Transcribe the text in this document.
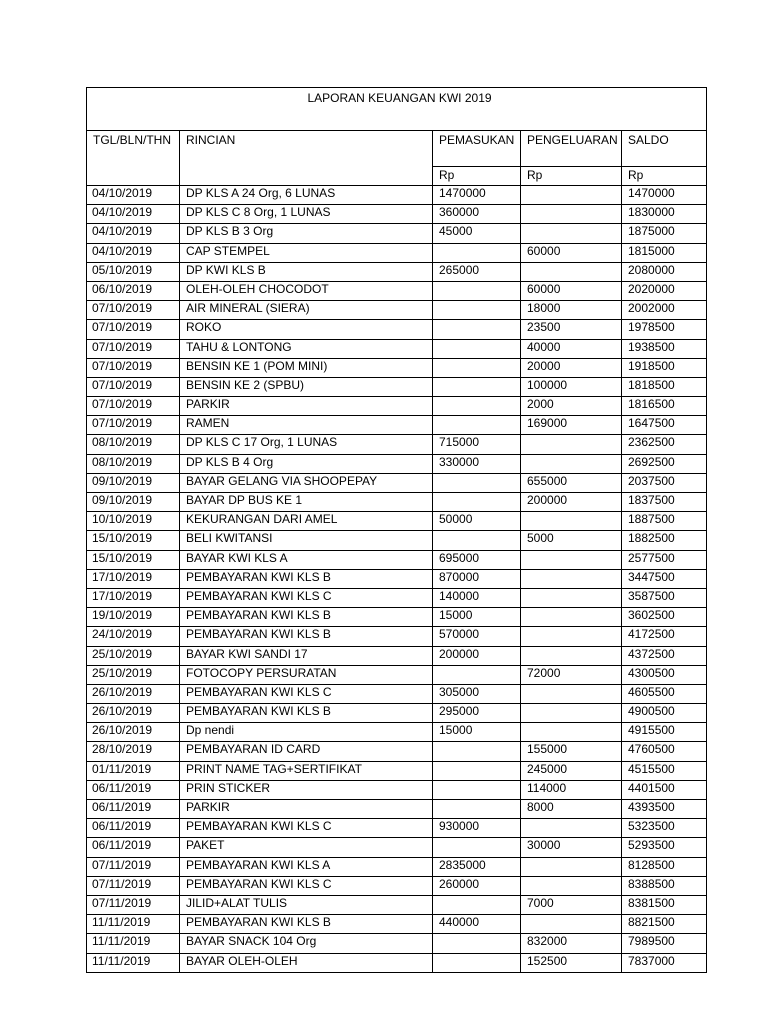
LAPORAN KEUANGAN KWI 2019				
TGL/BLN/THN	RINCIAN	PEMASUKAN	PENGELUARAN	SALDO
		Rp	Rp	Rp
04/10/2019	DP KLS A 24 Org, 6 LUNAS	1470000		1470000
04/10/2019	DP KLS C 8 Org, 1 LUNAS	360000		1830000
04/10/2019	DP KLS B 3 Org	45000		1875000
04/10/2019	CAP STEMPEL		60000	1815000
05/10/2019	DP KWI KLS B	265000		2080000
06/10/2019	OLEH-OLEH CHOCODOT		60000	2020000
07/10/2019	AIR MINERAL (SIERA)		18000	2002000
07/10/2019	ROKO		23500	1978500
07/10/2019	TAHU & LONTONG		40000	1938500
07/10/2019	BENSIN KE 1 (POM MINI)		20000	1918500
07/10/2019	BENSIN KE 2 (SPBU)		100000	1818500
07/10/2019	PARKIR		2000	1816500
07/10/2019	RAMEN		169000	1647500
08/10/2019	DP KLS C 17 Org, 1 LUNAS	715000		2362500
08/10/2019	DP KLS B 4 Org	330000		2692500
09/10/2019	BAYAR GELANG VIA SHOOPEPAY		655000	2037500
09/10/2019	BAYAR DP BUS KE 1		200000	1837500
10/10/2019	KEKURANGAN DARI AMEL	50000		1887500
15/10/2019	BELI KWITANSI		5000	1882500
15/10/2019	BAYAR KWI KLS A	695000		2577500
17/10/2019	PEMBAYARAN KWI KLS B	870000		3447500
17/10/2019	PEMBAYARAN KWI KLS C	140000		3587500
19/10/2019	PEMBAYARAN KWI KLS B	15000		3602500
24/10/2019	PEMBAYARAN KWI KLS B	570000		4172500
25/10/2019	BAYAR KWI SANDI 17	200000		4372500
25/10/2019	FOTOCOPY PERSURATAN		72000	4300500
26/10/2019	PEMBAYARAN KWI KLS C	305000		4605500
26/10/2019	PEMBAYARAN KWI KLS B	295000		4900500
26/10/2019	Dp nendi	15000		4915500
28/10/2019	PEMBAYARAN ID CARD		155000	4760500
01/11/2019	PRINT NAME TAG+SERTIFIKAT		245000	4515500
06/11/2019	PRIN STICKER		114000	4401500
06/11/2019	PARKIR		8000	4393500
06/11/2019	PEMBAYARAN KWI KLS C	930000		5323500
06/11/2019	PAKET		30000	5293500
07/11/2019	PEMBAYARAN KWI KLS A	2835000		8128500
07/11/2019	PEMBAYARAN KWI KLS C	260000		8388500
07/11/2019	JILID+ALAT TULIS		7000	8381500
11/11/2019	PEMBAYARAN KWI KLS B	440000		8821500
11/11/2019	BAYAR SNACK 104 Org		832000	7989500
11/11/2019	BAYAR OLEH-OLEH		152500	7837000
